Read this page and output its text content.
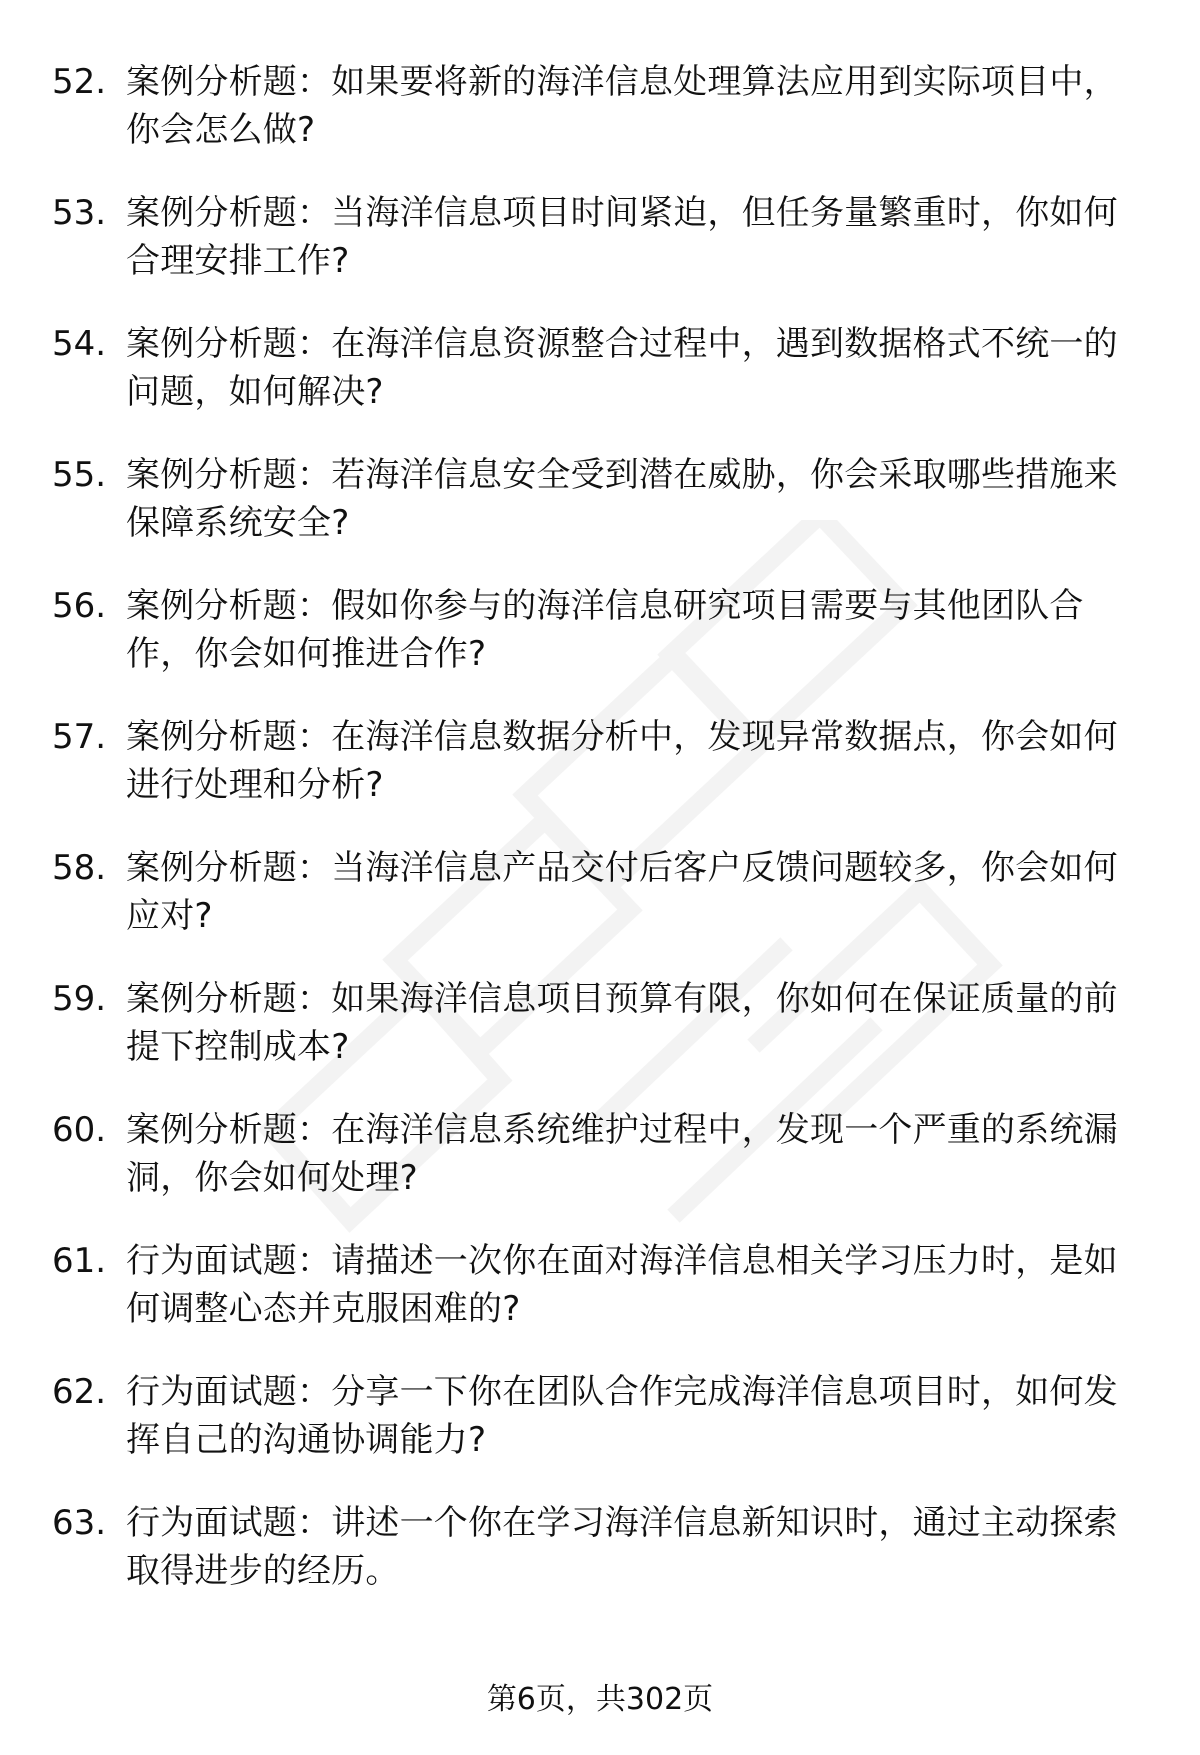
52. 案例分析题：如果要将新的海洋信息处理算法应用到实际项目中，你会怎么做?
53. 案例分析题：当海洋信息项目时间紧迫，但任务量繁重时，你如何合理安排工作?
54. 案例分析题：在海洋信息资源整合过程中，遇到数据格式不统一的问题，如何解决?
55. 案例分析题：若海洋信息安全受到潜在威胁，你会采取哪些措施来保障系统安全?
56. 案例分析题：假如你参与的海洋信息研究项目需要与其他团队合作，你会如何推进合作?
57. 案例分析题：在海洋信息数据分析中，发现异常数据点，你会如何进行处理和分析?
58. 案例分析题：当海洋信息产品交付后客户反馈问题较多，你会如何应对?
59. 案例分析题：如果海洋信息项目预算有限，你如何在保证质量的前提下控制成本?
60. 案例分析题：在海洋信息系统维护过程中，发现一个严重的系统漏洞，你会如何处理?
61. 行为面试题：请描述一次你在面对海洋信息相关学习压力时，是如何调整心态并克服困难的?
62. 行为面试题：分享一下你在团队合作完成海洋信息项目时，如何发挥自己的沟通协调能力?
63. 行为面试题：讲述一个你在学习海洋信息新知识时，通过主动探索取得进步的经历。
第6页，共302页
